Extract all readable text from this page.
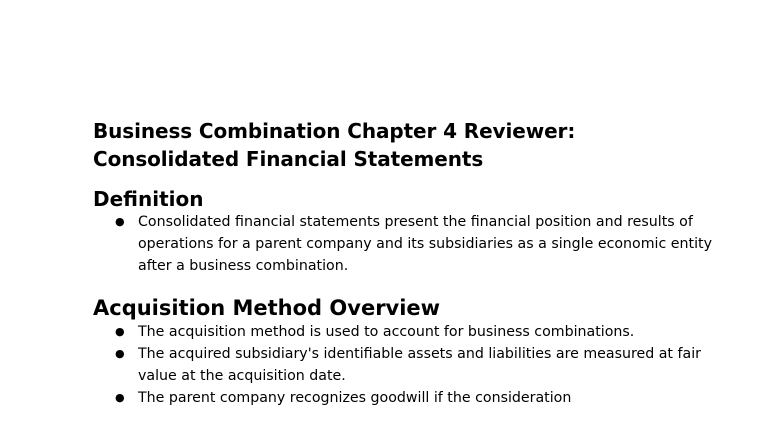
Business Combination Chapter 4 Reviewer:
Consolidated Financial Statements
Definition
● Consolidated financial statements present the financial position and results of operations for a parent company and its subsidiaries as a single economic entity after a business combination.
Acquisition Method Overview
● The acquisition method is used to account for business combinations.
● The acquired subsidiary's identifiable assets and liabilities are measured at fair value at the acquisition date.
● The parent company recognizes goodwill if the consideration
